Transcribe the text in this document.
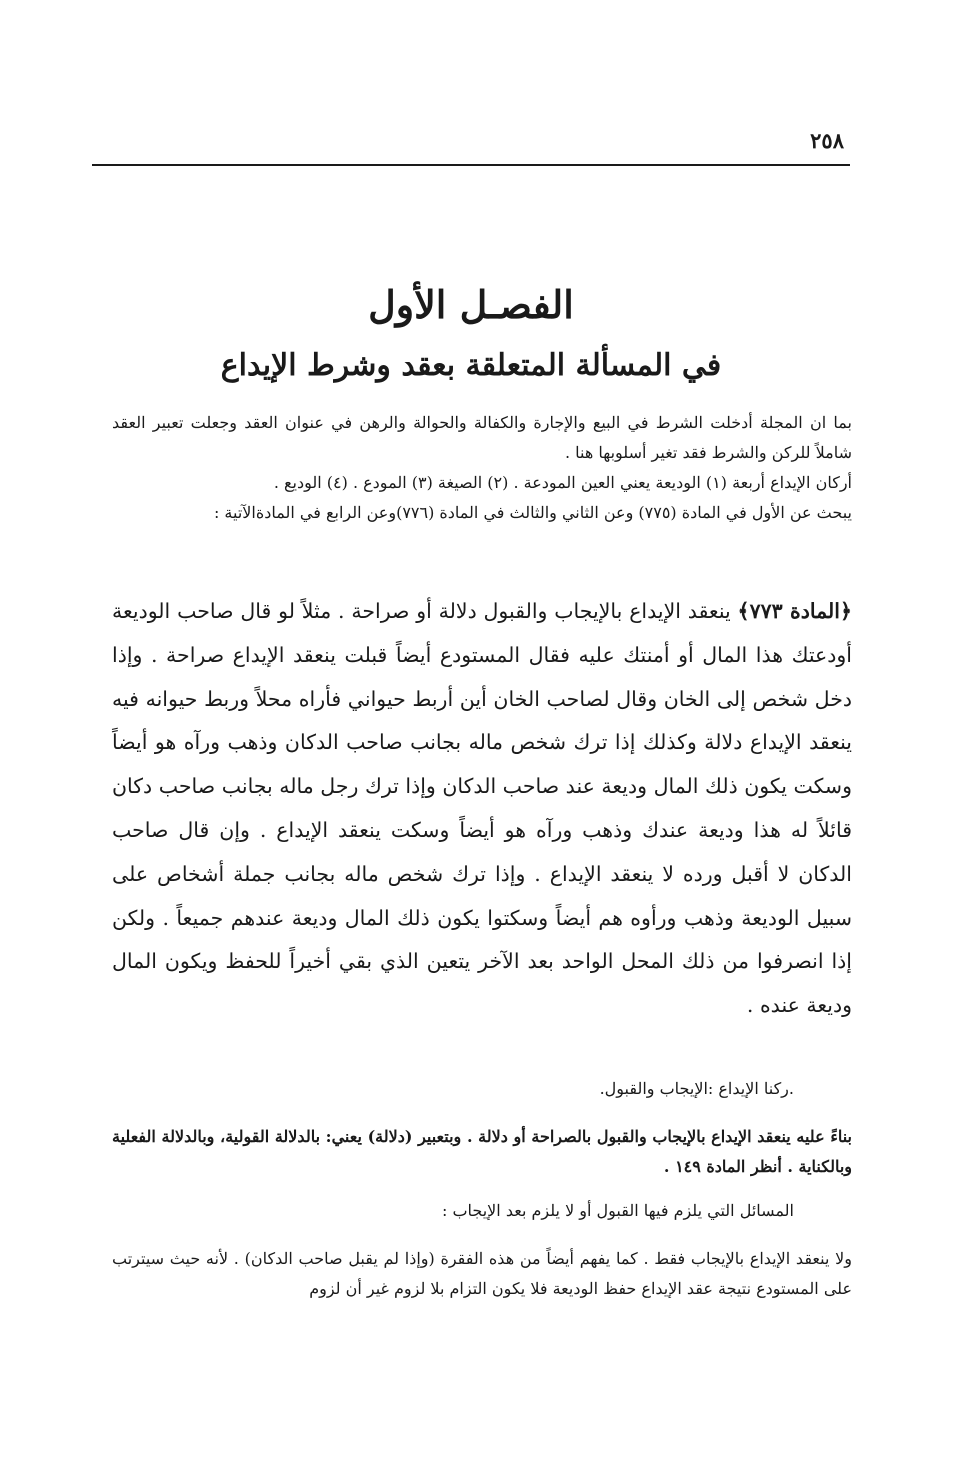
٢٥٨
الفصـل الأول
في المسألة المتعلقة بعقد وشرط الإيداع

بما ان المجلة أدخلت الشرط في البيع والإجارة والكفالة والحوالة والرهن في عنوان العقد وجعلت تعبير العقد شاملاً للركن والشرط فقد تغير أسلوبها هنا .

أركان الإيداع أربعة (١) الوديعة يعني العين المودعة . (٢) الصيغة (٣) المودع . (٤) الوديع .

يبحث عن الأول في المادة (٧٧٥) وعن الثاني والثالث في المادة (٧٧٦)وعن الرابع في المادةالآتية :

﴿المادة ٧٧٣﴾ ينعقد الإيداع بالإيجاب والقبول دلالة أو صراحة . مثلاً لو قال صاحب الوديعة أودعتك هذا المال أو أمنتك عليه فقال المستودع أيضاً قبلت ينعقد الإيداع صراحة . وإذا دخل شخص إلى الخان وقال لصاحب الخان أين أربط حيواني فأراه محلاً وربط حيوانه فيه ينعقد الإيداع دلالة وكذلك إذا ترك شخص ماله بجانب صاحب الدكان وذهب ورآه هو أيضاً وسكت يكون ذلك المال وديعة عند صاحب الدكان وإذا ترك رجل ماله بجانب صاحب دكان قائلاً له هذا وديعة عندك وذهب ورآه هو أيضاً وسكت ينعقد الإيداع . وإن قال صاحب الدكان لا أقبل ورده لا ينعقد الإيداع . وإذا ترك شخص ماله بجانب جملة أشخاص على سبيل الوديعة وذهب ورأوه هم أيضاً وسكتوا يكون ذلك المال وديعة عندهم جميعاً . ولكن إذا انصرفوا من ذلك المحل الواحد بعد الآخر يتعين الذي بقي أخيراً للحفظ ويكون المال وديعة عنده .

.ركنا الإيداع :الإيجاب والقبول.

بناءً عليه ينعقد الإيداع بالإيجاب والقبول بالصراحة أو دلالة . وبتعبير (دلالة) يعني: بالدلالة القولية، وبالدلالة الفعلية وبالكناية . أنظر المادة ١٤٩ .

المسائل التي يلزم فيها القبول أو لا يلزم بعد الإيجاب :

ولا ينعقد الإيداع بالإيجاب فقط . كما يفهم أيضاً من هذه الفقرة (وإذا لم يقبل صاحب الدكان) . لأنه حيث سيترتب على المستودع نتيجة عقد الإيداع حفظ الوديعة فلا يكون التزام بلا لزوم غير أن لزوم
